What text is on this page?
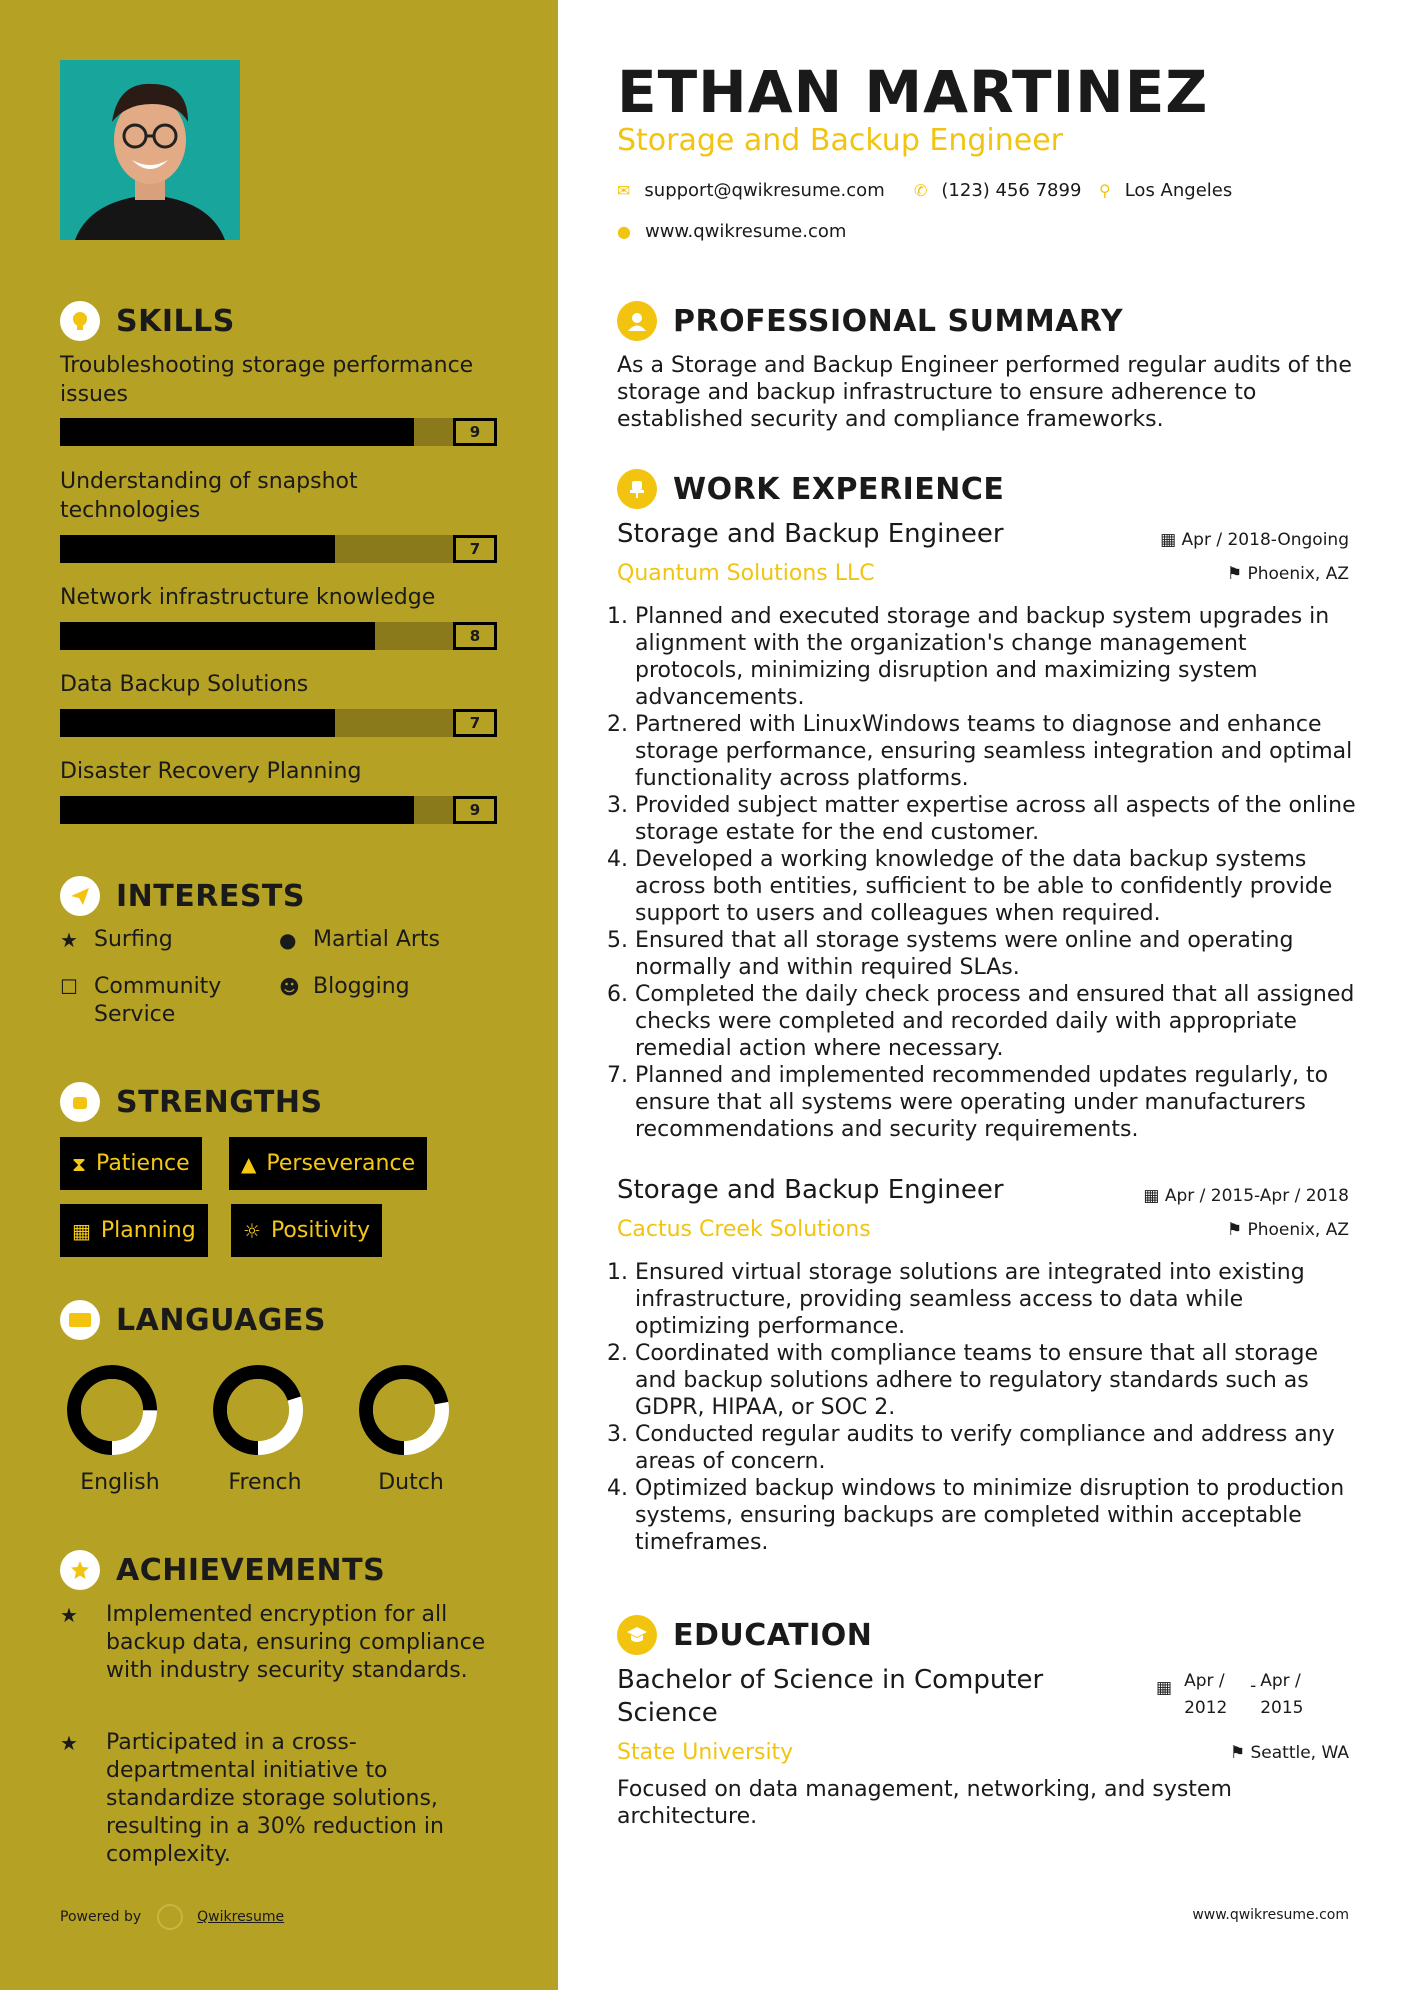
SKILLS
Troubleshooting storage performance issues
9
Understanding of snapshot technologies
7
Network infrastructure knowledge
8
Data Backup Solutions
7
Disaster Recovery Planning
9
INTERESTS
★ Surfing	● Martial Arts
☐ Community Service
☻ Blogging
STRENGTHS
⧗ Patience	▲ Perseverance
▦ Planning ☼ Positivity
LANGUAGES
English	French	Dutch
ACHIEVEMENTS
★	Implemented encryption for all backup data, ensuring compliance with industry security standards.
★	Participated in a cross-departmental initiative to standardize storage solutions, resulting in a 30% reduction in complexity.
Powered by	Qwikresume
ETHAN MARTINEZ
Storage and Backup Engineer
✉ support@qwikresume.com ✆ (123) 456 7899 ⚲ Los Angeles
● www.qwikresume.com
PROFESSIONAL SUMMARY
As a Storage and Backup Engineer performed regular audits of the storage and backup infrastructure to ensure adherence to established security and compliance frameworks.
WORK EXPERIENCE
Storage and Backup Engineer
Quantum Solutions LLC
▦ Apr / 2018-Ongoing
⚑ Phoenix, AZ
1. Planned and executed storage and backup system upgrades in alignment with the organization's change management protocols, minimizing disruption and maximizing system advancements.
2. Partnered with LinuxWindows teams to diagnose and enhance storage performance, ensuring seamless integration and optimal functionality across platforms.
3. Provided subject matter expertise across all aspects of the online storage estate for the end customer.
4. Developed a working knowledge of the data backup systems across both entities, sufficient to be able to confidently provide support to users and colleagues when required.
5. Ensured that all storage systems were online and operating normally and within required SLAs.
6. Completed the daily check process and ensured that all assigned checks were completed and recorded daily with appropriate remedial action where necessary.
7. Planned and implemented recommended updates regularly, to ensure that all systems were operating under manufacturers recommendations and security requirements.
Storage and Backup Engineer
Cactus Creek Solutions
▦ Apr / 2015-Apr / 2018
⚑ Phoenix, AZ
1. Ensured virtual storage solutions are integrated into existing infrastructure, providing seamless access to data while optimizing performance.
2. Coordinated with compliance teams to ensure that all storage and backup solutions adhere to regulatory standards such as GDPR, HIPAA, or SOC 2.
3. Conducted regular audits to verify compliance and address any areas of concern.
4. Optimized backup windows to minimize disruption to production systems, ensuring backups are completed within acceptable timeframes.
EDUCATION
Bachelor of Science in Computer Science
State University
▦ Apr / 2012
- Apr / 2015
⚑ Seattle, WA
Focused on data management, networking, and system architecture.
www.qwikresume.com
